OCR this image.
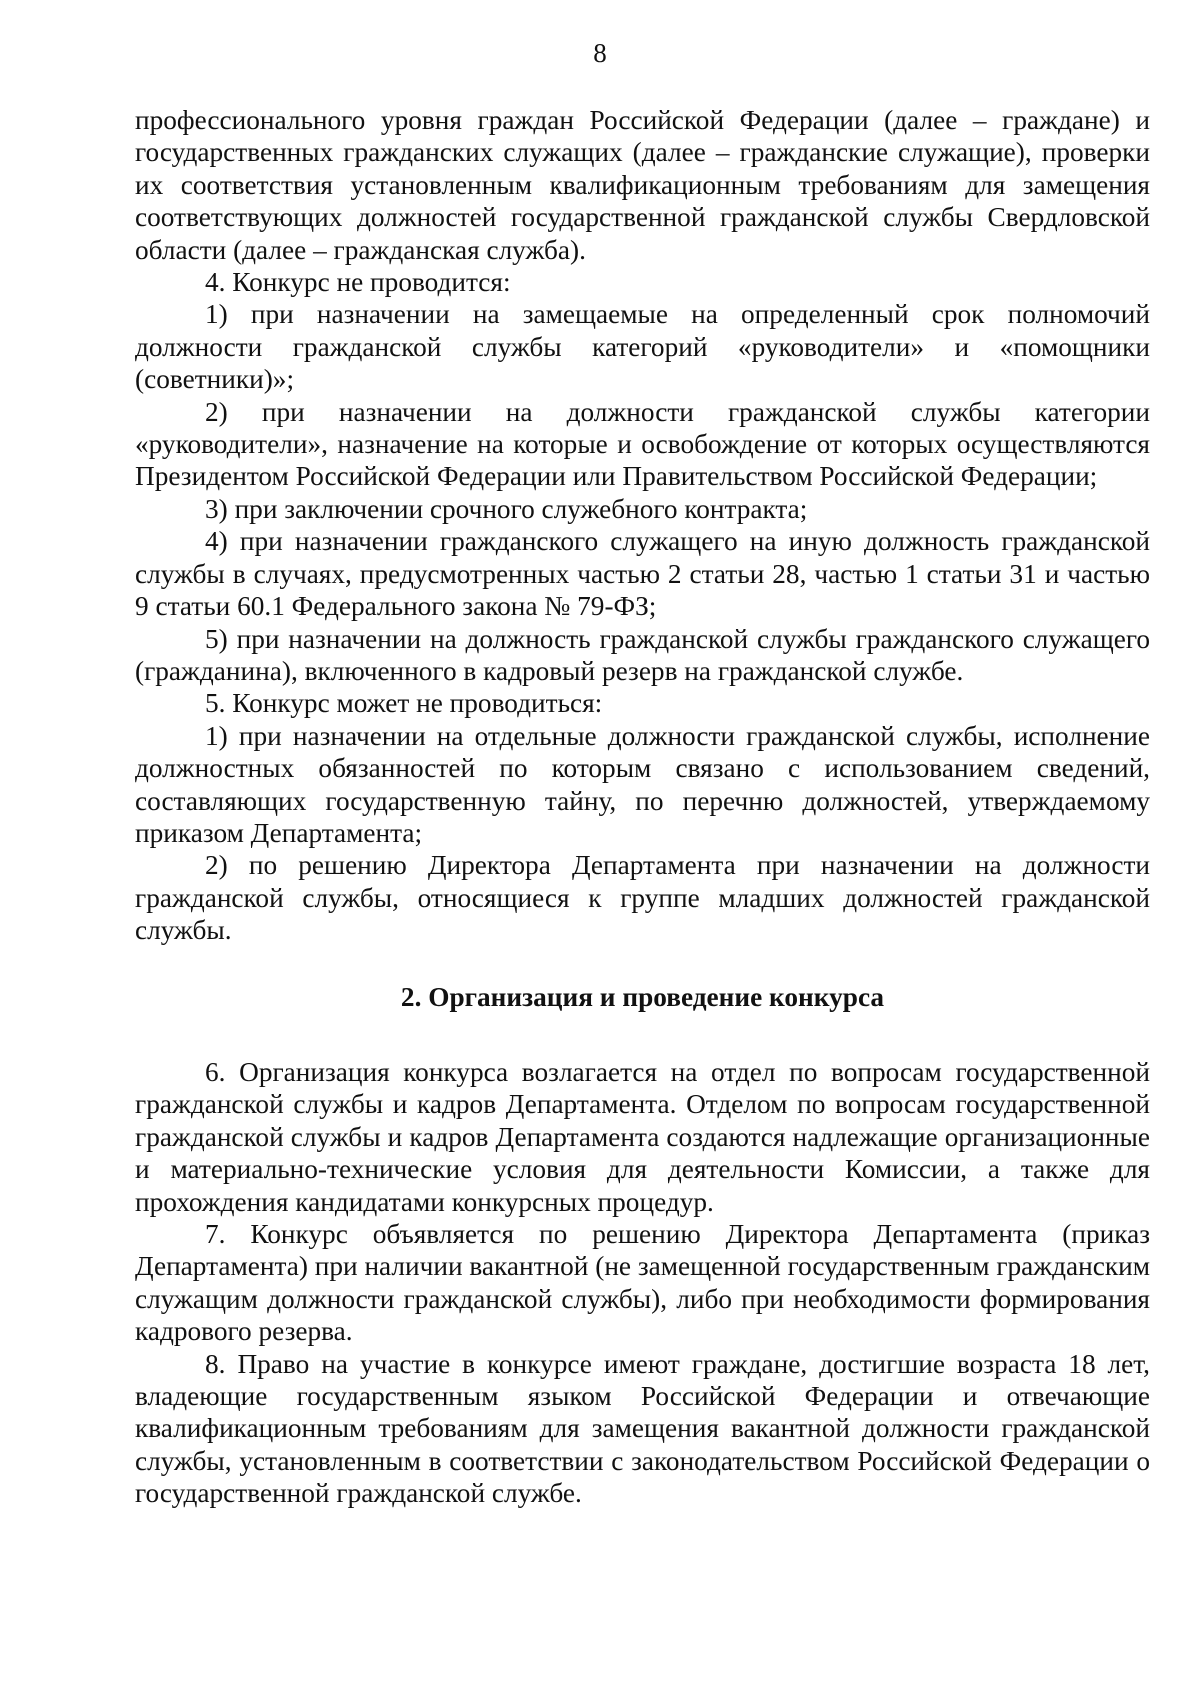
8

профессионального уровня граждан Российской Федерации (далее – граждане) и государственных гражданских служащих (далее – гражданские служащие), проверки их соответствия установленным квалификационным требованиям для замещения соответствующих должностей государственной гражданской службы Свердловской области (далее – гражданская служба).

4. Конкурс не проводится:

1) при назначении на замещаемые на определенный срок полномочий должности гражданской службы категорий «руководители» и «помощники (советники)»;

2) при назначении на должности гражданской службы категории «руководители», назначение на которые и освобождение от которых осуществляются Президентом Российской Федерации или Правительством Российской Федерации;

3) при заключении срочного служебного контракта;

4) при назначении гражданского служащего на иную должность гражданской службы в случаях, предусмотренных частью 2 статьи 28, частью 1 статьи 31 и частью 9 статьи 60.1 Федерального закона № 79-ФЗ;

5) при назначении на должность гражданской службы гражданского служащего (гражданина), включенного в кадровый резерв на гражданской службе.

5. Конкурс может не проводиться:

1) при назначении на отдельные должности гражданской службы, исполнение должностных обязанностей по которым связано с использованием сведений, составляющих государственную тайну, по перечню должностей, утверждаемому приказом Департамента;

2) по решению Директора Департамента при назначении на должности гражданской службы, относящиеся к группе младших должностей гражданской службы.

2. Организация и проведение конкурса

6. Организация конкурса возлагается на отдел по вопросам государственной гражданской службы и кадров Департамента. Отделом по вопросам государственной гражданской службы и кадров Департамента создаются надлежащие организационные и материально-технические условия для деятельности Комиссии, а также для прохождения кандидатами конкурсных процедур.

7. Конкурс объявляется по решению Директора Департамента (приказ Департамента) при наличии вакантной (не замещенной государственным гражданским служащим должности гражданской службы), либо при необходимости формирования кадрового резерва.

8. Право на участие в конкурсе имеют граждане, достигшие возраста 18 лет, владеющие государственным языком Российской Федерации и отвечающие квалификационным требованиям для замещения вакантной должности гражданской службы, установленным в соответствии с законодательством Российской Федерации о государственной гражданской службе.
